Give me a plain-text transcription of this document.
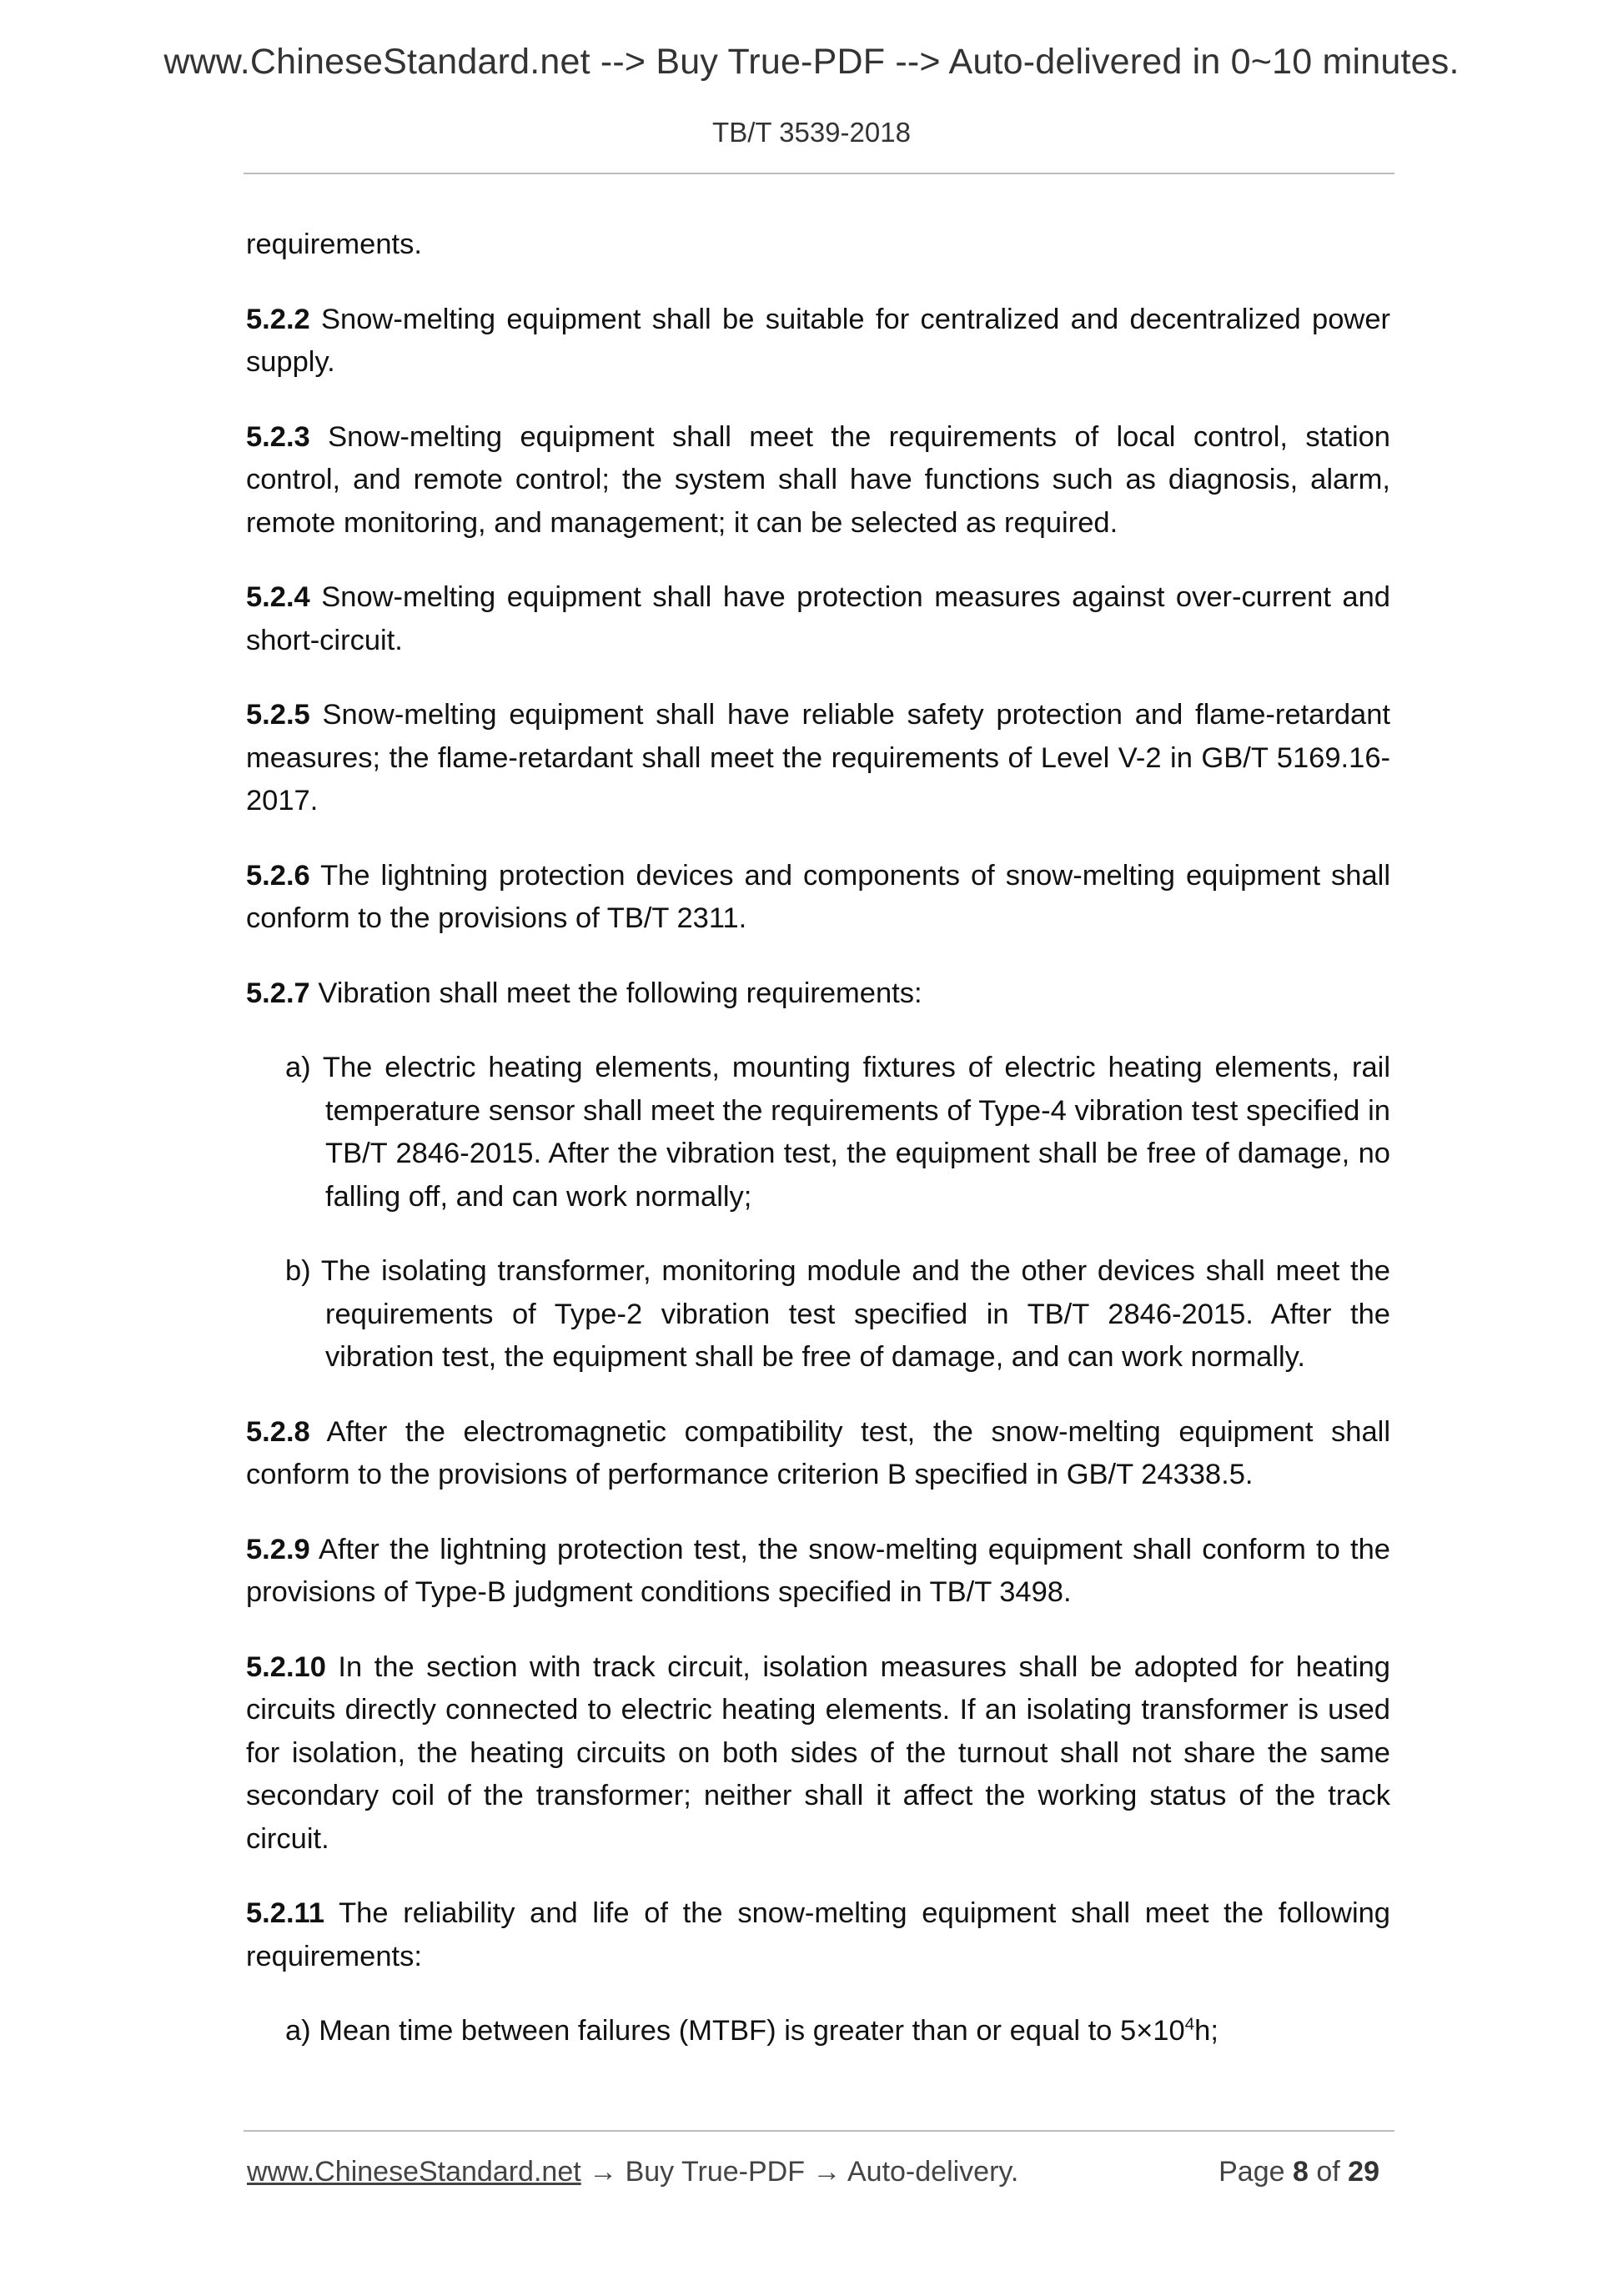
www.ChineseStandard.net --> Buy True-PDF --> Auto-delivered in 0~10 minutes.
TB/T 3539-2018

requirements.

5.2.2 Snow-melting equipment shall be suitable for centralized and decentralized power supply.

5.2.3 Snow-melting equipment shall meet the requirements of local control, station control, and remote control; the system shall have functions such as diagnosis, alarm, remote monitoring, and management; it can be selected as required.

5.2.4 Snow-melting equipment shall have protection measures against over-current and short-circuit.

5.2.5 Snow-melting equipment shall have reliable safety protection and flame-retardant measures; the flame-retardant shall meet the requirements of Level V-2 in GB/T 5169.16-2017.

5.2.6 The lightning protection devices and components of snow-melting equipment shall conform to the provisions of TB/T 2311.

5.2.7 Vibration shall meet the following requirements:

a) The electric heating elements, mounting fixtures of electric heating elements, rail temperature sensor shall meet the requirements of Type-4 vibration test specified in TB/T 2846-2015. After the vibration test, the equipment shall be free of damage, no falling off, and can work normally;

b) The isolating transformer, monitoring module and the other devices shall meet the requirements of Type-2 vibration test specified in TB/T 2846-2015. After the vibration test, the equipment shall be free of damage, and can work normally.

5.2.8 After the electromagnetic compatibility test, the snow-melting equipment shall conform to the provisions of performance criterion B specified in GB/T 24338.5.

5.2.9 After the lightning protection test, the snow-melting equipment shall conform to the provisions of Type-B judgment conditions specified in TB/T 3498.

5.2.10 In the section with track circuit, isolation measures shall be adopted for heating circuits directly connected to electric heating elements. If an isolating transformer is used for isolation, the heating circuits on both sides of the turnout shall not share the same secondary coil of the transformer; neither shall it affect the working status of the track circuit.

5.2.11 The reliability and life of the snow-melting equipment shall meet the following requirements:

a) Mean time between failures (MTBF) is greater than or equal to $5\times 10^4h$;

www.ChineseStandard.net → Buy True-PDF → Auto-delivery.	Page 8 of 29
